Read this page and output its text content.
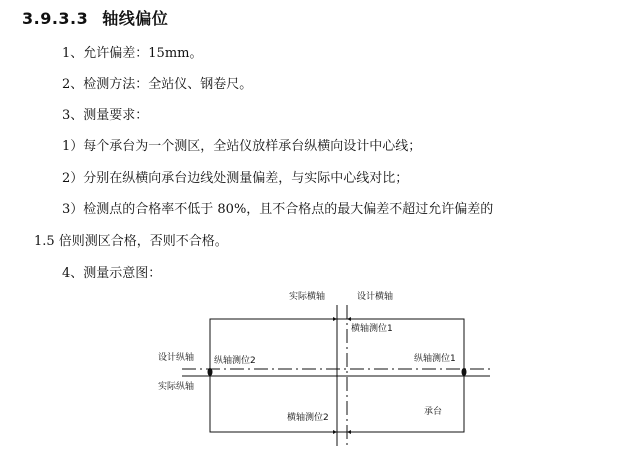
3.9.3.3 轴线偏位
1、允许偏差：15mm。
2、检测方法：全站仪、钢卷尺。
3、测量要求：
1）每个承台为一个测区，全站仪放样承台纵横向设计中心线；
2）分别在纵横向承台边线处测量偏差，与实际中心线对比；
3）检测点的合格率不低于 80%，且不合格点的最大偏差不超过允许偏差的
1.5 倍则测区合格，否则不合格。
4、测量示意图：
实际横轴	设计横轴
横轴测位1
横轴测位2
设计纵轴
实际纵轴
纵轴测位2	纵轴测位1
承台
